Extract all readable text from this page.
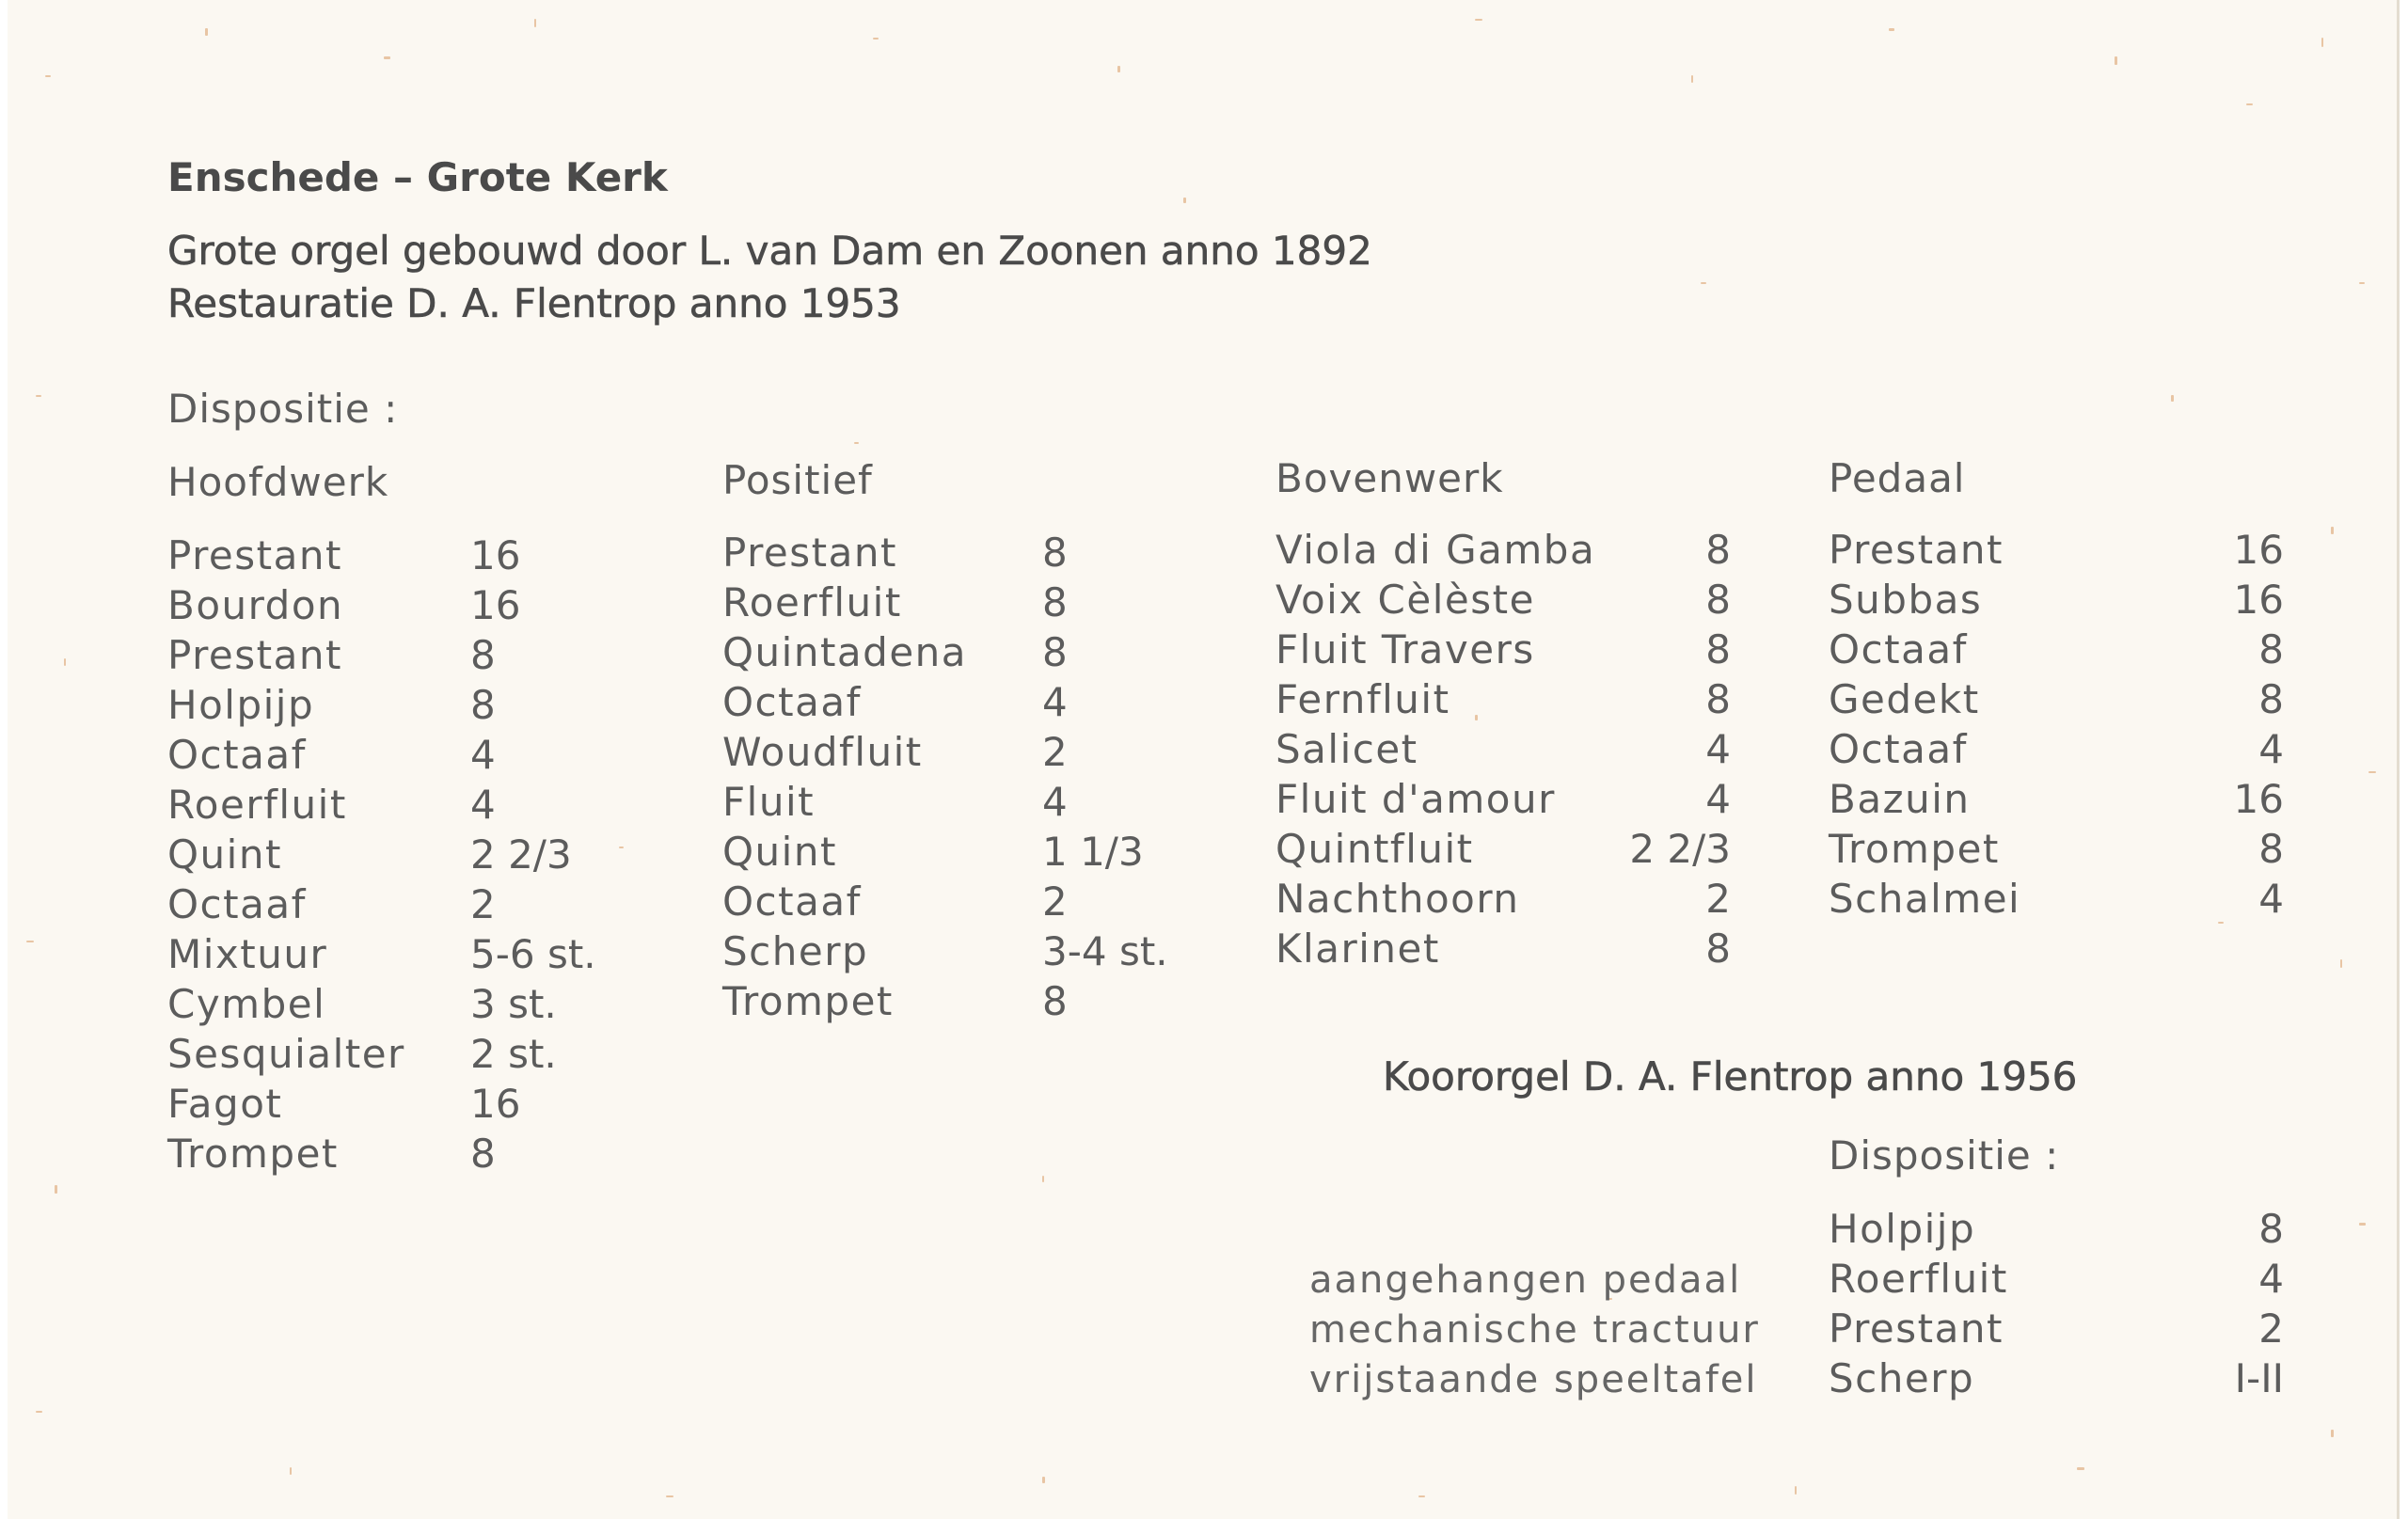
Enschede – Grote Kerk
Grote orgel gebouwd door L. van Dam en Zoonen anno 1892
Restauratie D. A. Flentrop anno 1953
Dispositie :
Hoofdwerk
Prestant	16
Bourdon	16
Prestant	8
Holpijp	8
Octaaf	4
Roerfluit	4
Quint	2 2/3
Octaaf	2
Mixtuur	5-6 st.
Cymbel	3 st.
Sesquialter 2 st.
Fagot	16
Trompet	8
Positief
Prestant	8
Roerfluit	8
Quintadena 8
Octaaf	4
Woudfluit	2
Fluit	4
Quint	1 1/3
Octaaf	2
Scherp	3-4 st.
Trompet	8
Bovenwerk
Viola di Gamba	8
Voix Cèlèste	8
Fluit Travers	8
Fernfluit	8
Salicet	4
Fluit d'amour	4
Quintfluit	2 2/3
Nachthoorn	2
Klarinet	8
Pedaal
Prestant	16
Subbas	16
Octaaf	8
Gedekt	8
Octaaf	4
Bazuin	16
Trompet	8
Schalmei	4
Koororgel D. A. Flentrop anno 1956
Dispositie :
Holpijp	8
Roerfluit	4
Prestant	2
Scherp	I-II
aangehangen pedaal
mechanische tractuur
vrijstaande speeltafel
